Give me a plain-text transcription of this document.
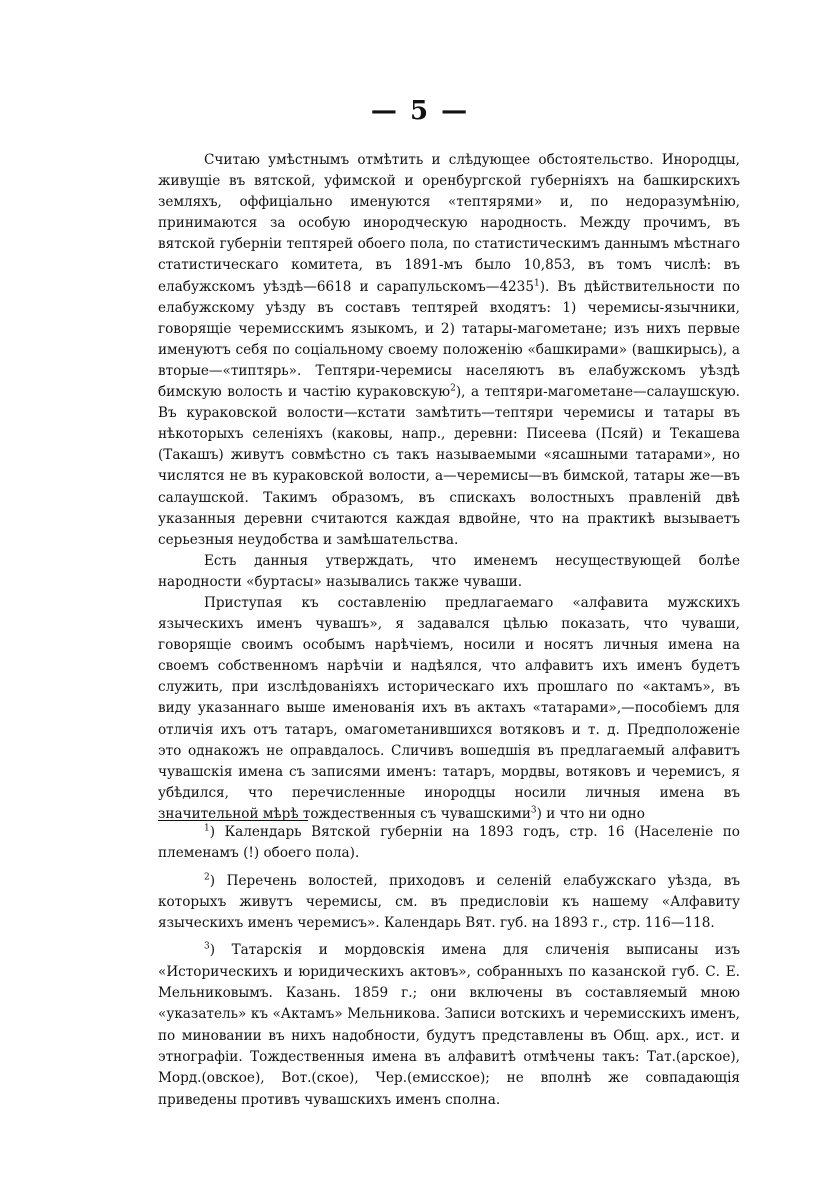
— 5 —

Считаю умѣстнымъ отмѣтить и слѣдующее обстоятельство. Инородцы, живущіе въ вятской, уфимской и оренбургской губерніяхъ на башкирскихъ земляхъ, оффиціально именуются «тептярями» и, по недоразумѣнію, принимаются за особую инородческую народность. Между прочимъ, въ вятской губерніи тептярей обоего пола, по статистическимъ даннымъ мѣстнаго статистическаго комитета, въ 1891-мъ было 10,853, въ томъ числѣ: въ елабужскомъ уѣздѣ—6618 и сарапульскомъ—4235$^1$). Въ дѣйствительности по елабужскому уѣзду въ составъ тептярей входятъ: 1) черемисы-язычники, говорящіе черемисскимъ языкомъ, и 2) татары-магометане; изъ нихъ первые именуютъ себя по соціальному своему положенію «башкирами» (вашкирысь), а вторые—«типтярь». Тептяри-черемисы населяютъ въ елабужскомъ уѣздѣ бимскую волость и частію кураковскую$^2$), а тептяри-магометане—салаушскую. Въ кураковской волости—кстати замѣтить—тептяри черемисы и татары въ нѣкоторыхъ селеніяхъ (каковы, напр., деревни: Писеева (Псяй) и Текашева (Такашъ) живутъ совмѣстно съ такъ называемыми «ясашными татарами», но числятся не въ кураковской волости, а—черемисы—въ бимской, татары же—въ салаушской. Такимъ образомъ, въ спискахъ волостныхъ правленій двѣ указанныя деревни считаются каждая вдвойне, что на практикѣ вызываетъ серьезныя неудобства и замѣшательства.

Есть данныя утверждать, что именемъ несуществующей болѣе народности «буртасы» назывались также чуваши.

Приступая къ составленію предлагаемаго «алфавита мужскихъ языческихъ именъ чувашъ», я задавался цѣлью показать, что чуваши, говорящіе своимъ особымъ нарѣчіемъ, носили и носятъ личныя имена на своемъ собственномъ нарѣчіи и надѣялся, что алфавитъ ихъ именъ будетъ служить, при изслѣдованіяхъ историческаго ихъ прошлаго по «актамъ», въ виду указаннаго выше именованія ихъ въ актахъ «татарами»,—пособіемъ для отличія ихъ отъ татаръ, омагометанившихся вотяковъ и т. д. Предположеніе это однакожъ не оправдалось. Сличивъ вошедшія въ предлагаемый алфавитъ чувашскія имена съ записями именъ: татаръ, мордвы, вотяковъ и черемисъ, я убѣдился, что перечисленные инородцы носили личныя имена въ значительной мѣрѣ тождественныя съ чувашскими$^3$) и что ни одно

$^1$) Календарь Вятской губерніи на 1893 годъ, стр. 16 (Населеніе по племенамъ (!) обоего пола).

$^2$) Перечень волостей, приходовъ и селеній елабужскаго уѣзда, въ которыхъ живутъ черемисы, см. въ предисловіи къ нашему «Алфавиту языческихъ именъ черемисъ». Календарь Вят. губ. на 1893 г., стр. 116—118.

$^3$) Татарскія и мордовскія имена для сличенія выписаны изъ «Историческихъ и юридическихъ актовъ», собранныхъ по казанской губ. С. Е. Мельниковымъ. Казань. 1859 г.; они включены въ составляемый мною «указатель» къ «Актамъ» Мельникова. Записи вотскихъ и черемисскихъ именъ, по миновании въ нихъ надобности, будутъ представлены въ Общ. арх., ист. и этнографіи. Тождественныя имена въ алфавитѣ отмѣчены такъ: Тат.(арское), Морд.(овское), Вот.(ское), Чер.(емисское); не вполнѣ же совпадающія приведены противъ чувашскихъ именъ сполна.
